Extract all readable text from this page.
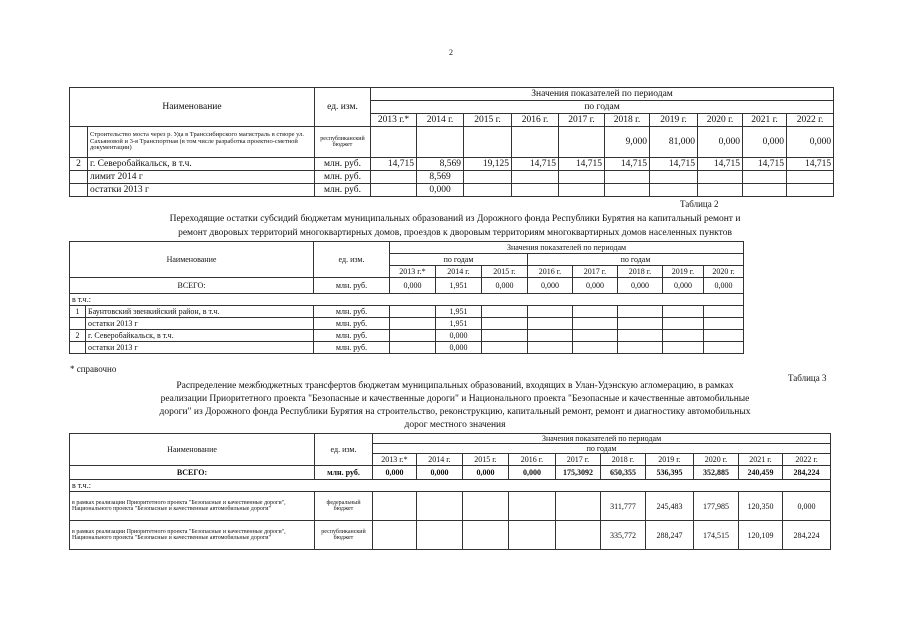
2
Наименование		ед. изм.	Значения показателей по периодам									
			по годам									
			2013 г.*	2014 г.	2015 г.	2016 г.	2017 г.	2018 г.	2019 г.	2020 г.	2021 г.	2022 г.
	Строительство моста через р. Уда в Транссибирского магистраль в створе ул. Сахьяновой и 3-я Транспортная (в том числе разработка проектно-сметной документации)	республиканский бюджет						9,000	81,000	0,000	0,000	0,000
2	г. Северобайкальск, в т.ч.	млн. руб.	14,715	8,569	19,125	14,715	14,715	14,715	14,715	14,715	14,715	14,715
	лимит 2014 г	млн. руб.		8,569								
	остатки 2013 г	млн. руб.		0,000								
Таблица 2
Переходящие остатки субсидий бюджетам муниципальных образований из Дорожного фонда Республики Бурятия на капитальный ремонт и
ремонт дворовых территорий многоквартирных домов, проездов к дворовым территориям многоквартирных домов населенных пунктов
Наименование		ед. изм.	Значения показателей по периодам							
			по годам			по годам				
			2013 г.*	2014 г.	2015 г.	2016 г.	2017 г.	2018 г.	2019 г.	2020 г.
ВСЕГО:		млн. руб.	0,000	1,951	0,000	0,000	0,000	0,000	0,000	0,000
в т.ч.:										
1	Баунтовский эвенкийский район, в т.ч.	млн. руб.		1,951						
	остатки 2013 г	млн. руб.		1,951						
2	г. Северобайкальск, в т.ч.	млн. руб.		0,000						
	остатки 2013 г	млн. руб.		0,000						
* справочно
Таблица 3
Распределение межбюджетных трансфертов бюджетам муниципальных образований, входящих в Улан-Удэнскую агломерацию, в рамках
реализации Приоритетного проекта "Безопасные и качественные дороги" и Национального проекта "Безопасные и качественные автомобильные
дороги" из Дорожного фонда Республики Бурятия на строительство, реконструкцию, капитальный ремонт, ремонт и диагностику автомобильных
дорог местного значения
Наименование	ед. изм.	Значения показателей по периодам									
		по годам									
		2013 г.*	2014 г.	2015 г.	2016 г.	2017 г.	2018 г.	2019 г.	2020 г.	2021 г.	2022 г.
ВСЕГО:	млн. руб.	0,000	0,000	0,000	0,000	175,3092	650,355	536,395	352,885	240,459	284,224
в т.ч.:											
в рамках реализации Приоритетного проекта "Безопасные и качественные дороги", Национального проекта "Безопасные и качественные автомобильные дороги"	федеральный бюджет						311,777	245,483	177,985	120,350	0,000
в рамках реализации Приоритетного проекта "Безопасные и качественные дороги", Национального проекта "Безопасные и качественные автомобильные дороги"	республиканский бюджет						335,772	288,247	174,515	120,109	284,224
